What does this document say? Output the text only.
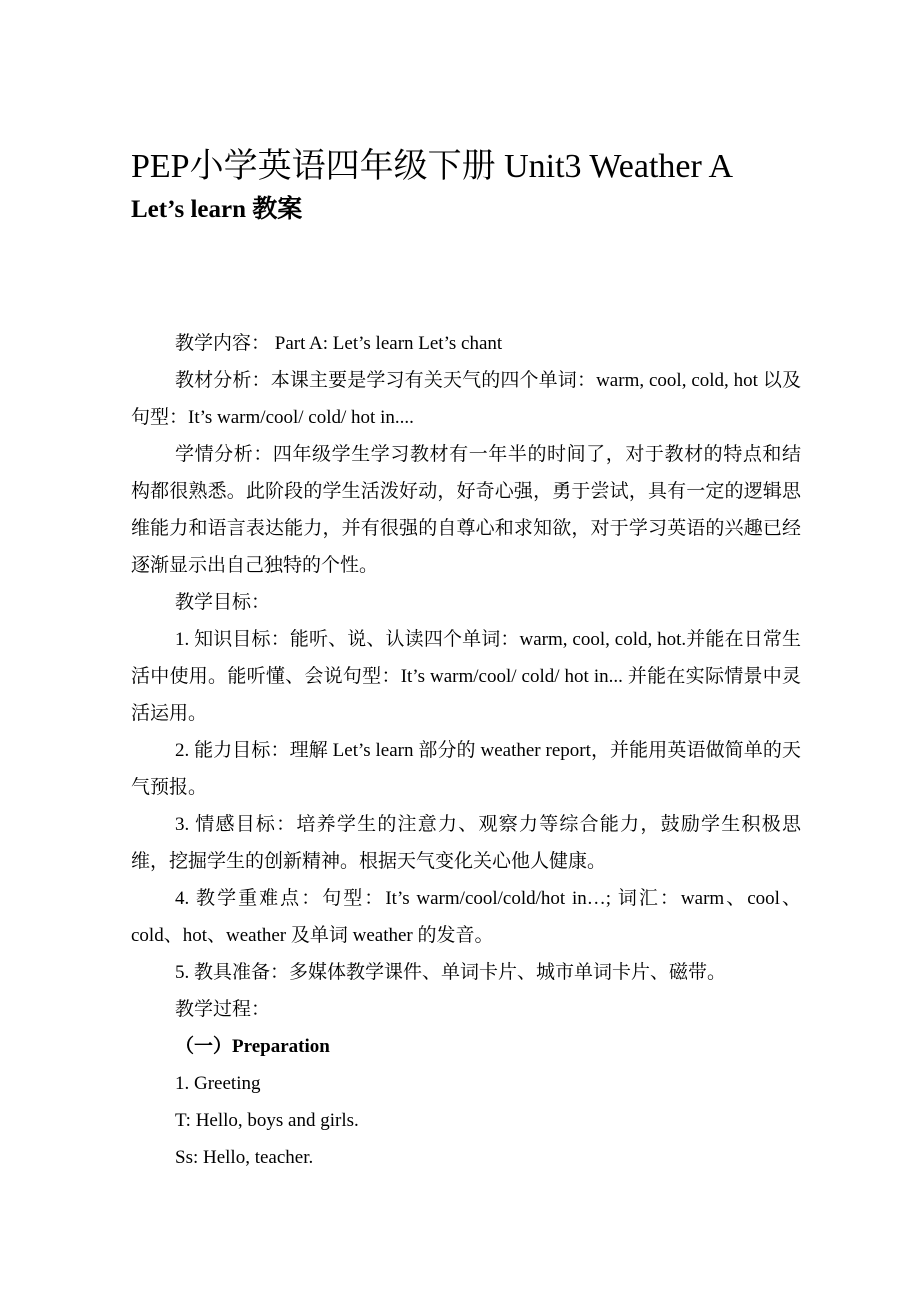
PEP小学英语四年级下册 Unit3 Weather A
Let’s learn 教案

教学内容： Part A: Let’s learn Let’s chant

教材分析：本课主要是学习有关天气的四个单词：warm, cool, cold, hot 以及句型：It’s warm/cool/ cold/ hot in....

学情分析：四年级学生学习教材有一年半的时间了，对于教材的特点和结构都很熟悉。此阶段的学生活泼好动，好奇心强，勇于尝试，具有一定的逻辑思维能力和语言表达能力，并有很强的自尊心和求知欲，对于学习英语的兴趣已经逐渐显示出自己独特的个性。

教学目标：

1. 知识目标：能听、说、认读四个单词：warm, cool, cold, hot.并能在日常生活中使用。能听懂、会说句型：It’s warm/cool/ cold/ hot in... 并能在实际情景中灵活运用。

2. 能力目标：理解 Let’s learn 部分的 weather report，并能用英语做简单的天气预报。

3. 情感目标：培养学生的注意力、观察力等综合能力，鼓励学生积极思维，挖掘学生的创新精神。根据天气变化关心他人健康。

4. 教学重难点：句型：It’s warm/cool/cold/hot in…; 词汇：warm、cool、cold、hot、weather 及单词 weather 的发音。

5. 教具准备：多媒体教学课件、单词卡片、城市单词卡片、磁带。

教学过程：

（一）Preparation

1. Greeting

T: Hello, boys and girls.

Ss: Hello, teacher.
